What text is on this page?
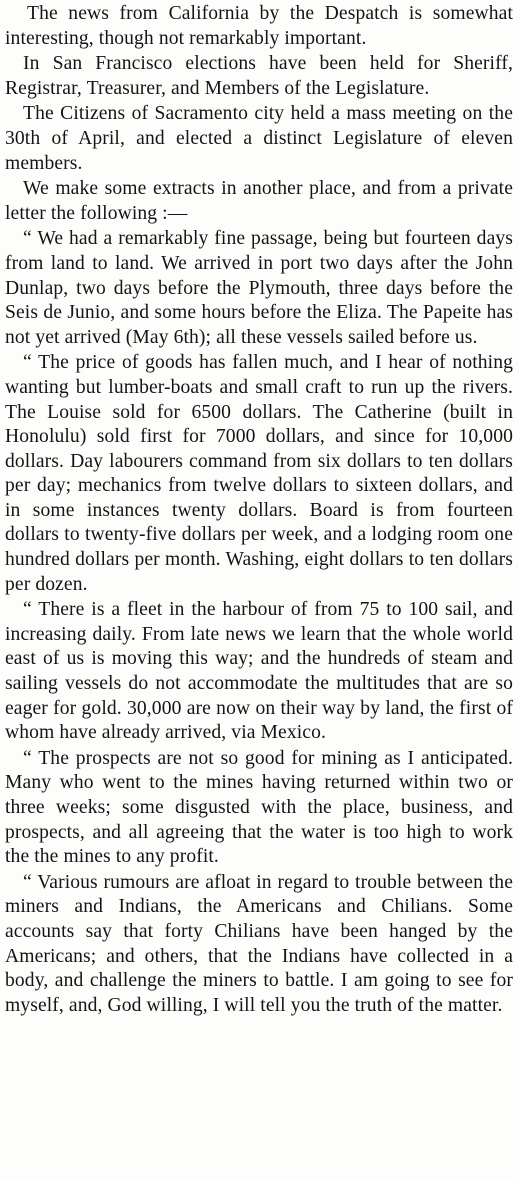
The news from California by the Despatch is somewhat interesting, though not remarkably important.

In San Francisco elections have been held for Sheriff, Registrar, Treasurer, and Members of the Legislature.

The Citizens of Sacramento city held a mass meeting on the 30th of April, and elected a distinct Legislature of eleven members.

We make some extracts in another place, and from a private letter the following :—

“ We had a remarkably fine passage, being but fourteen days from land to land. We arrived in port two days after the John Dunlap, two days before the Plymouth, three days before the Seis de Junio, and some hours before the Eliza. The Papeite has not yet arrived (May 6th); all these vessels sailed before us.

“ The price of goods has fallen much, and I hear of nothing wanting but lumber-boats and small craft to run up the rivers. The Louise sold for 6500 dollars. The Catherine (built in Honolulu) sold first for 7000 dollars, and since for 10,000 dollars. Day labourers command from six dollars to ten dollars per day; mechanics from twelve dollars to sixteen dollars, and in some instances twenty dollars. Board is from fourteen dollars to twenty-five dollars per week, and a lodging room one hundred dollars per month. Washing, eight dollars to ten dollars per dozen.

“ There is a fleet in the harbour of from 75 to 100 sail, and increasing daily. From late news we learn that the whole world east of us is moving this way; and the hundreds of steam and sailing vessels do not accommodate the multitudes that are so eager for gold. 30,000 are now on their way by land, the first of whom have already arrived, via Mexico.

“ The prospects are not so good for mining as I anticipated. Many who went to the mines having returned within two or three weeks; some disgusted with the place, business, and prospects, and all agreeing that the water is too high to work the the mines to any profit.

“ Various rumours are afloat in regard to trouble between the miners and Indians, the Americans and Chilians. Some accounts say that forty Chilians have been hanged by the Americans; and others, that the Indians have collected in a body, and challenge the miners to battle. I am going to see for myself, and, God willing, I will tell you the truth of the matter.
